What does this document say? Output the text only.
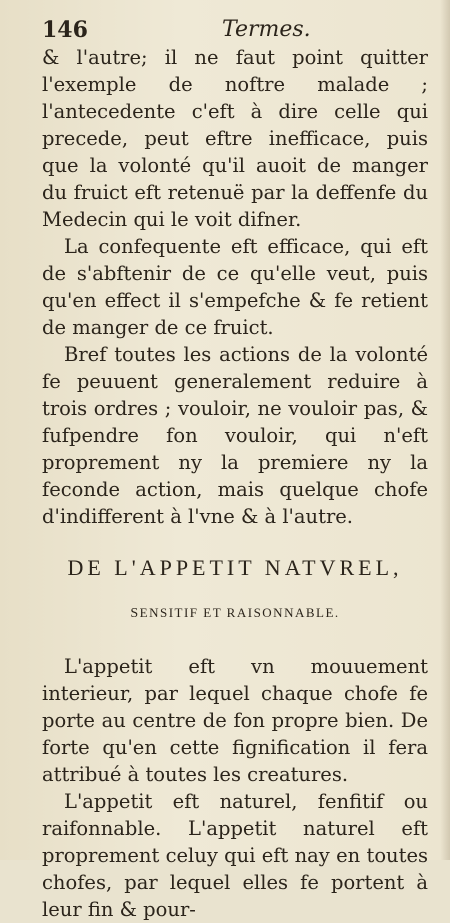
146	Termes.

& l'autre; il ne faut point quitter l'exemple de noftre malade ; l'antecedente c'eft à dire celle qui precede, peut eftre inefficace, puis que la volonté qu'il auoit de manger du fruict eft retenuë par la deffenfe du Medecin qui le voit difner.

La confequente eft efficace, qui eft de s'abftenir de ce qu'elle veut, puis qu'en effect il s'empefche & fe retient de manger de ce fruict.

Bref toutes les actions de la volonté fe peuuent generalement reduire à trois ordres ; vouloir, ne vouloir pas, & fufpendre fon vouloir, qui n'eft proprement ny la premiere ny la feconde action, mais quelque chofe d'indifferent à l'vne & à l'autre.

DE L'APPETIT NATVREL,
SENSITIF ET RAISONNABLE.

L'appetit eft vn mouuement interieur, par lequel chaque chofe fe porte au centre de fon propre bien. De forte qu'en cette fignification il fera attribué à toutes les creatures.

L'appetit eft naturel, fenfitif ou raifonnable. L'appetit naturel eft proprement celuy qui eft nay en toutes chofes, par lequel elles fe portent à leur fin & pour-
